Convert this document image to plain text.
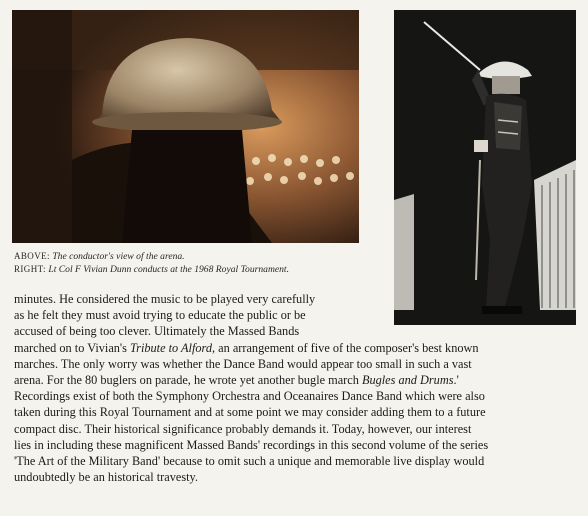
ABOVE: The conductor's view of the arena.
RIGHT: Lt Col F Vivian Dunn conducts at the 1968 Royal Tournament.
minutes. He considered the music to be played very carefully
as he felt they must avoid trying to educate the public or be
accused of being too clever. Ultimately the Massed Bands
marched on to Vivian's Tribute to Alford, an arrangement of five of the composer's best known
marches. The only worry was whether the Dance Band would appear too small in such a vast
arena. For the 80 buglers on parade, he wrote yet another bugle march Bugles and Drums.'
Recordings exist of both the Symphony Orchestra and Oceanaires Dance Band which were also
taken during this Royal Tournament and at some point we may consider adding them to a future
compact disc. Their historical significance probably demands it. Today, however, our interest
lies in including these magnificent Massed Bands' recordings in this second volume of the series
'The Art of the Military Band' because to omit such a unique and memorable live display would
undoubtedly be an historical travesty.
